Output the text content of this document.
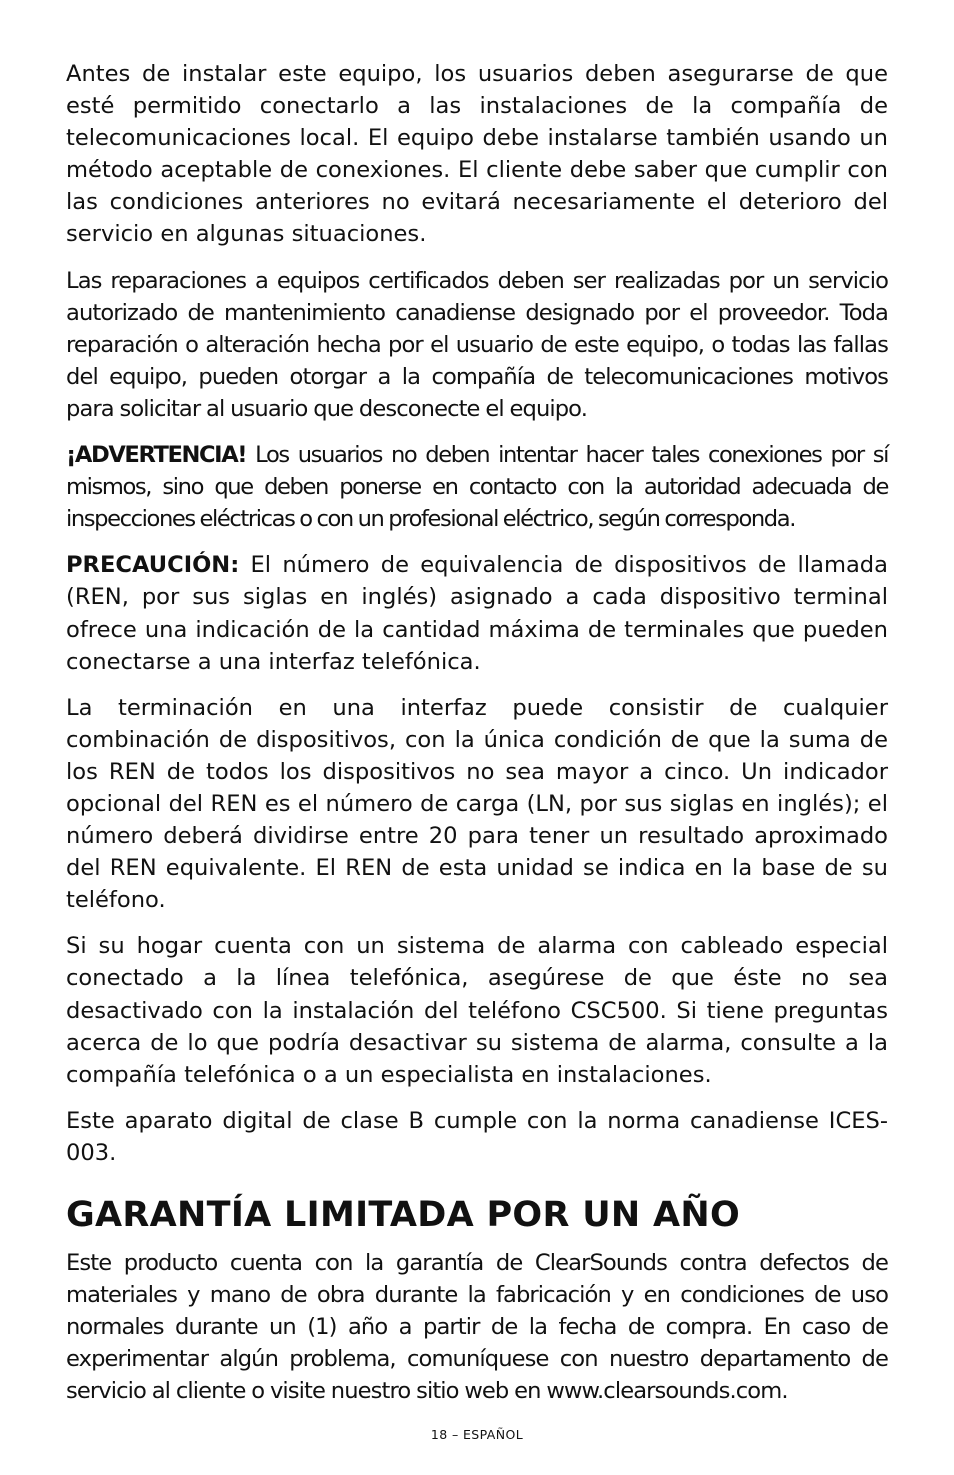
Antes de instalar este equipo, los usuarios deben asegurarse de que esté permitido conectarlo a las instalaciones de la compañía de telecomunicaciones local. El equipo debe instalarse también usando un método aceptable de conexiones. El cliente debe saber que cumplir con las condiciones anteriores no evitará necesariamente el deterioro del servicio en algunas situaciones.

Las reparaciones a equipos certificados deben ser realizadas por un servicio autorizado de mantenimiento canadiense designado por el proveedor. Toda reparación o alteración hecha por el usuario de este equipo, o todas las fallas del equipo, pueden otorgar a la compañía de telecomunicaciones motivos para solicitar al usuario que desconecte el equipo.

¡ADVERTENCIA! Los usuarios no deben intentar hacer tales conexiones por sí mismos, sino que deben ponerse en contacto con la autoridad adecuada de inspecciones eléctricas o con un profesional eléctrico, según corresponda.

PRECAUCIÓN: El número de equivalencia de dispositivos de llamada (REN, por sus siglas en inglés) asignado a cada dispositivo terminal ofrece una indicación de la cantidad máxima de terminales que pueden conectarse a una interfaz telefónica.

La terminación en una interfaz puede consistir de cualquier combinación de dispositivos, con la única condición de que la suma de los REN de todos los dispositivos no sea mayor a cinco. Un indicador opcional del REN es el número de carga (LN, por sus siglas en inglés); el número deberá dividirse entre 20 para tener un resultado aproximado del REN equivalente. El REN de esta unidad se indica en la base de su teléfono.

Si su hogar cuenta con un sistema de alarma con cableado especial conectado a la línea telefónica, asegúrese de que éste no sea desactivado con la instalación del teléfono CSC500. Si tiene preguntas acerca de lo que podría desactivar su sistema de alarma, consulte a la compañía telefónica o a un especialista en instalaciones.

Este aparato digital de clase B cumple con la norma canadiense ICES-003.

GARANTÍA LIMITADA POR UN AÑO

Este producto cuenta con la garantía de ClearSounds contra defectos de materiales y mano de obra durante la fabricación y en condiciones de uso normales durante un (1) año a partir de la fecha de compra. En caso de experimentar algún problema, comuníquese con nuestro departamento de servicio al cliente o visite nuestro sitio web en www.clearsounds.com.

18 – ESPAÑOL
